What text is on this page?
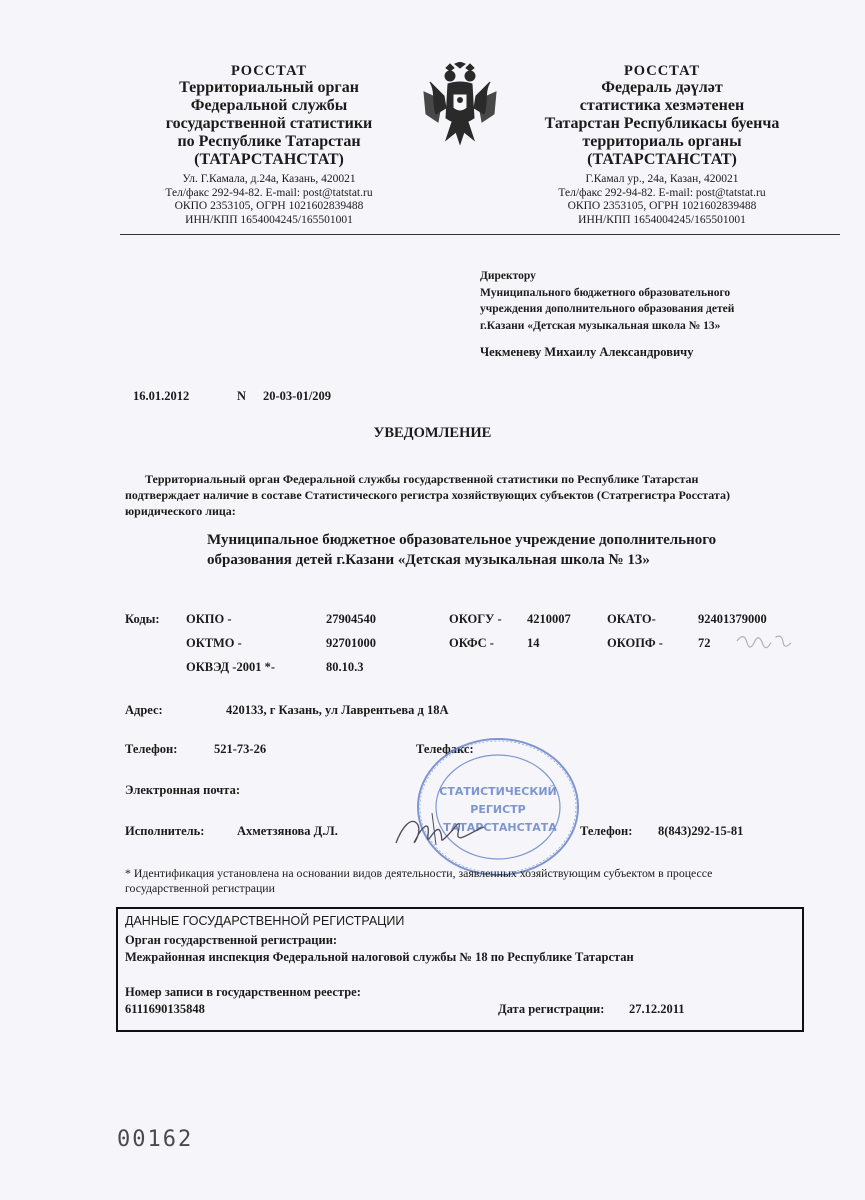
РОССТАТ
Территориальный орган
Федеральной службы
государственной статистики
по Республике Татарстан
(ТАТАРСТАНСТАТ)
Ул. Г.Камала, д.24а, Казань, 420021
Тел/факс 292-94-82. E-mail: post@tatstat.ru
ОКПО 2353105, ОГРН 1021602839488
ИНН/КПП 1654004245/165501001
РОССТАТ
Федераль дәүләт
статистика хезмәтенен
Татарстан Республикасы буенча
территориаль органы
(ТАТАРСТАНСТАТ)
Г.Камал ур., 24а, Казан, 420021
Тел/факс 292-94-82. E-mail: post@tatstat.ru
ОКПО 2353105, ОГРН 1021602839488
ИНН/КПП 1654004245/165501001
Директору
Муниципального бюджетного образовательного
учреждения дополнительного образования детей
г.Казани «Детская музыкальная школа № 13»
Чекменеву Михаилу Александровичу
16.01.2012	N 20-03-01/209
УВЕДОМЛЕНИЕ
Территориальный орган Федеральной службы государственной статистики по Республике Татарстан
подтверждает наличие в составе Статистического регистра хозяйствующих субъектов (Статрегистра Росстата)
юридического лица:
Муниципальное бюджетное образовательное учреждение дополнительного
образования детей г.Казани «Детская музыкальная школа № 13»
Коды: ОКПО -	27904540	ОКОГУ - 4210007	ОКАТО-	92401379000
ОКТМО -	92701000	ОКФС -	14	ОКОПФ -	72
ОКВЭД -2001 *-	80.10.3
Адрес:	420133, г Казань, ул Лаврентьева д 18А
Телефон:	521-73-26	Телефакс:
Электронная почта:
Исполнитель:	Ахметзянова Д.Л.	Телефон: 8(843)292-15-81
СТАТИСТИЧЕСКИЙ
РЕГИСТР
ТАТАРСТАНСТАТА
* Идентификация установлена на основании видов деятельности, заявленных хозяйствующим субъектом в процессе
государственной регистрации
ДАННЫЕ ГОСУДАРСТВЕННОЙ РЕГИСТРАЦИИ
Орган государственной регистрации:
Межрайонная инспекция Федеральной налоговой службы № 18 по Республике Татарстан
Номер записи в государственном реестре:
6111690135848	Дата регистрации: 27.12.2011
00162
